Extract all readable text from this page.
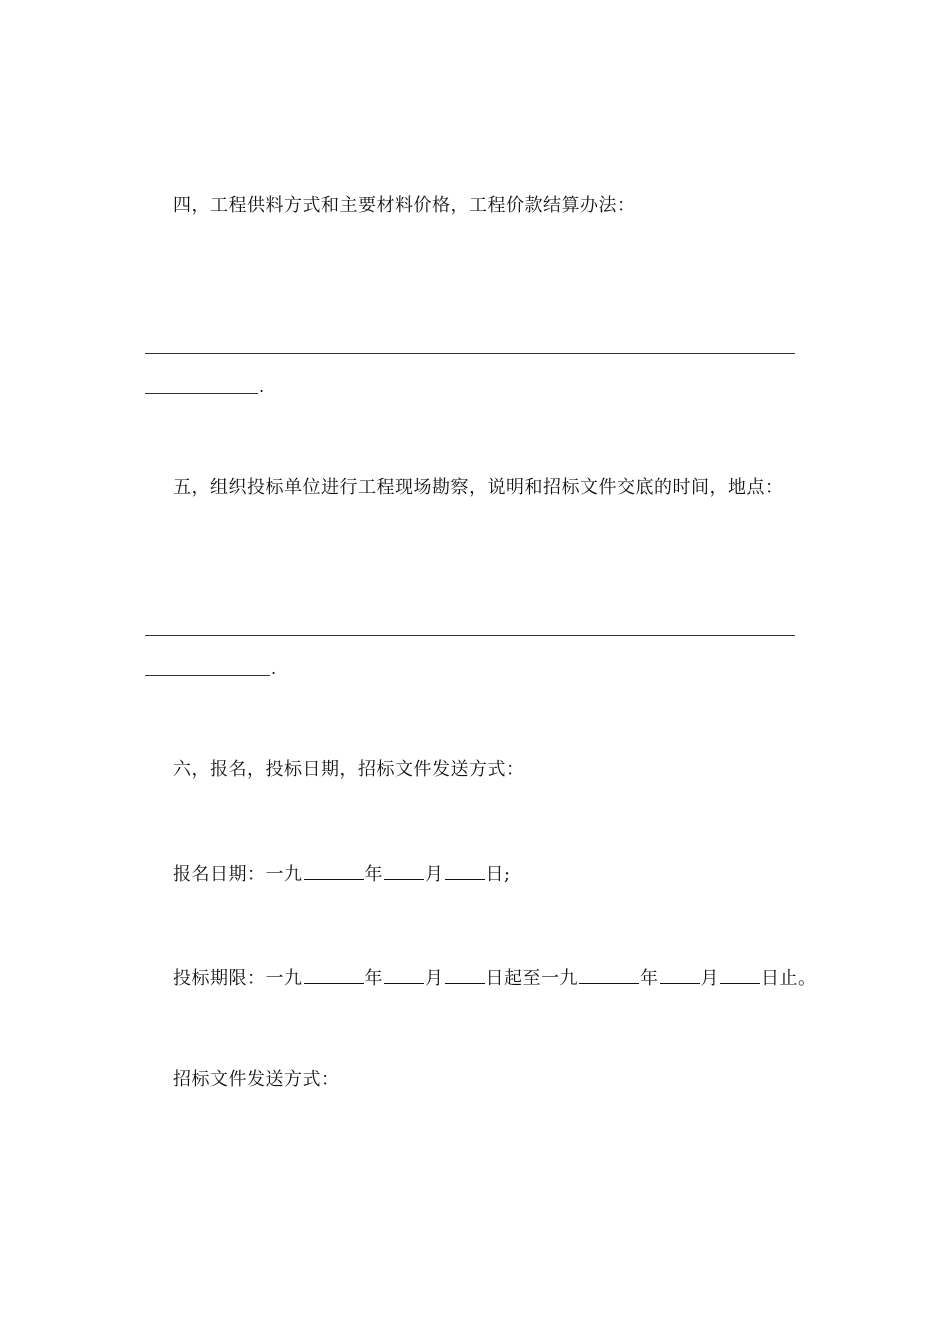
四，工程供料方式和主要材料价格，工程价款结算办法：
.
五，组织投标单位进行工程现场勘察，说明和招标文件交底的时间，地点：
.
六，报名，投标日期，招标文件发送方式：
报名日期：一九	年 月 日;
投标期限：一九	年 月 日起至一九	年 月 日止。
招标文件发送方式：
